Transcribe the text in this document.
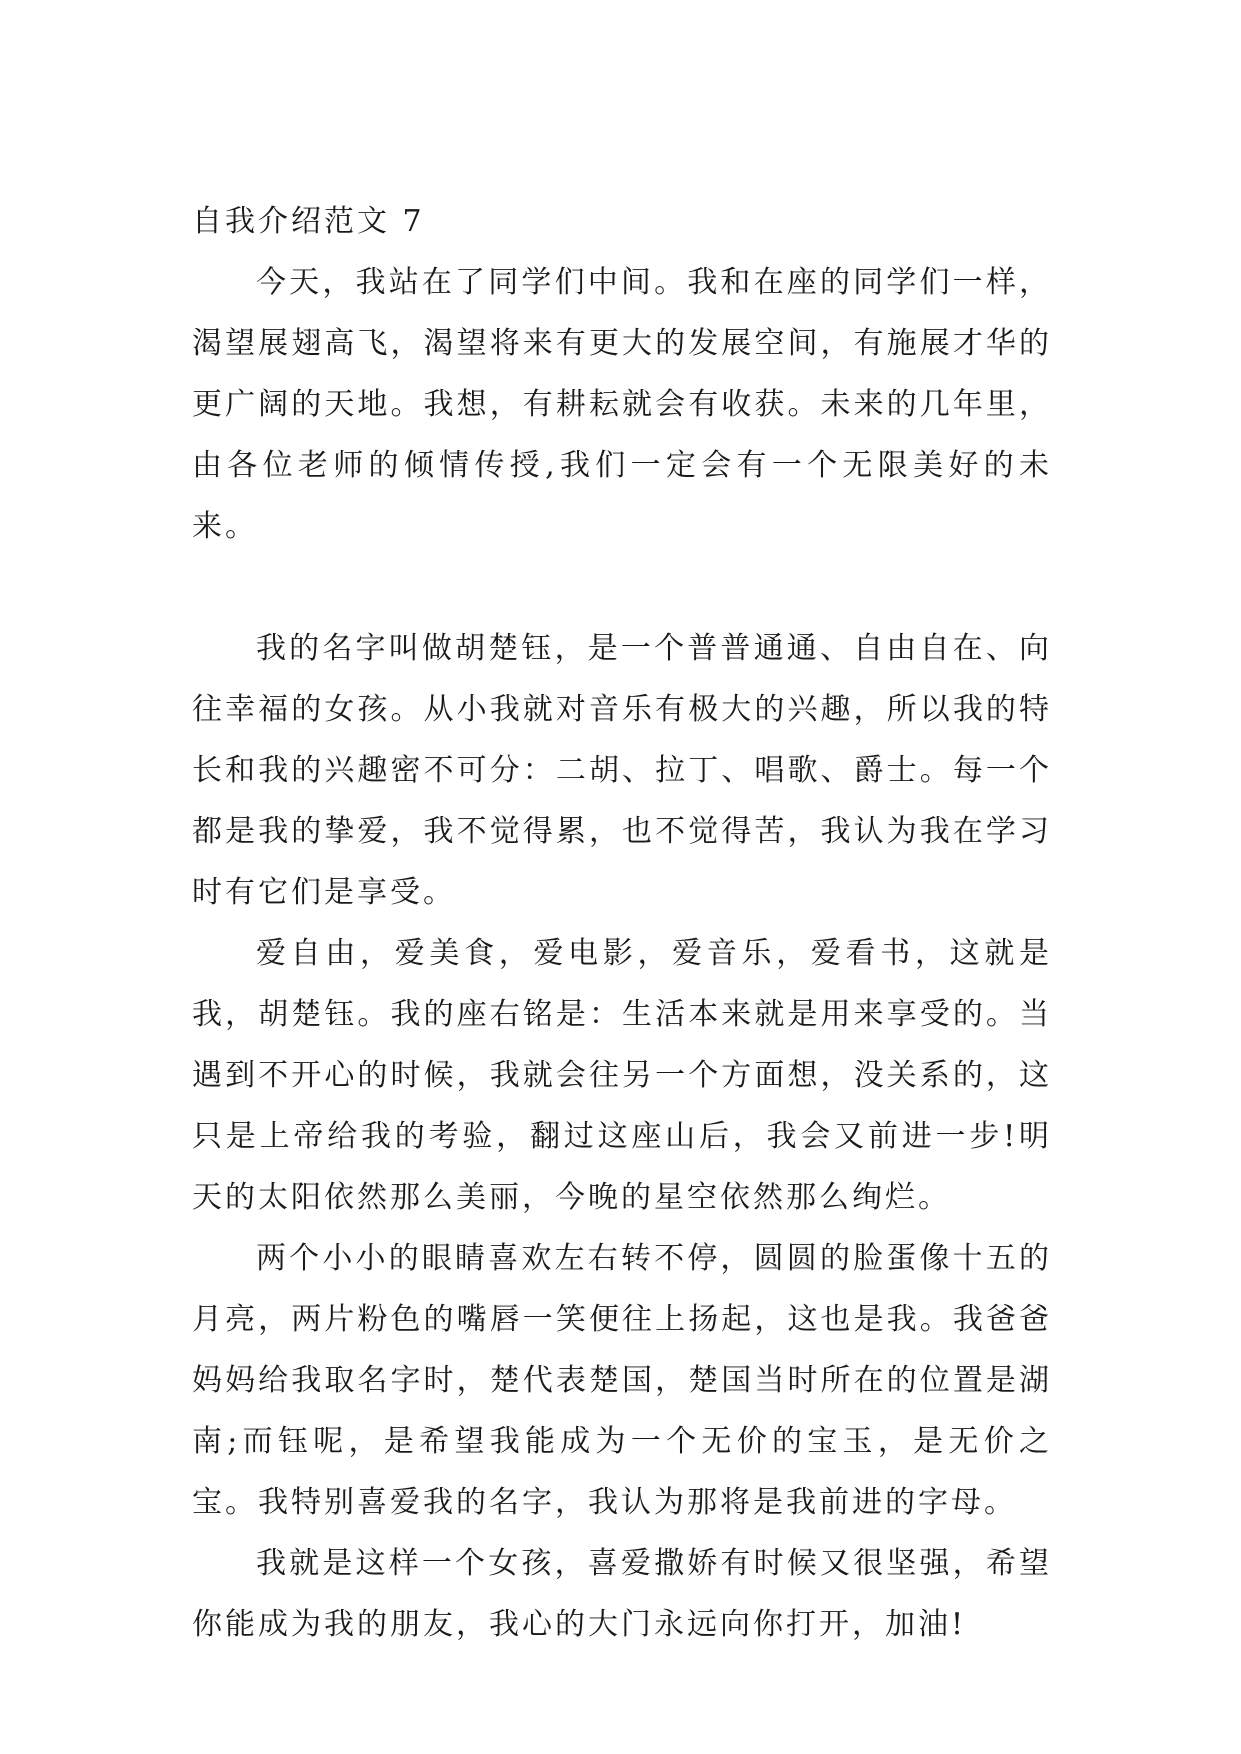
自我介绍范文 7

今天，我站在了同学们中间。我和在座的同学们一样，渴望展翅高飞，渴望将来有更大的发展空间，有施展才华的更广阔的天地。我想，有耕耘就会有收获。未来的几年里，由各位老师的倾情传授,我们一定会有一个无限美好的未来。

我的名字叫做胡楚钰，是一个普普通通、自由自在、向往幸福的女孩。从小我就对音乐有极大的兴趣，所以我的特长和我的兴趣密不可分：二胡、拉丁、唱歌、爵士。每一个都是我的挚爱，我不觉得累，也不觉得苦，我认为我在学习时有它们是享受。

爱自由，爱美食，爱电影，爱音乐，爱看书，这就是我，胡楚钰。我的座右铭是：生活本来就是用来享受的。当遇到不开心的时候，我就会往另一个方面想，没关系的，这只是上帝给我的考验，翻过这座山后，我会又前进一步!明天的太阳依然那么美丽，今晚的星空依然那么绚烂。

两个小小的眼睛喜欢左右转不停，圆圆的脸蛋像十五的月亮，两片粉色的嘴唇一笑便往上扬起，这也是我。我爸爸妈妈给我取名字时，楚代表楚国，楚国当时所在的位置是湖南;而钰呢，是希望我能成为一个无价的宝玉，是无价之宝。我特别喜爱我的名字，我认为那将是我前进的字母。

我就是这样一个女孩，喜爱撒娇有时候又很坚强，希望你能成为我的朋友，我心的大门永远向你打开，加油!
